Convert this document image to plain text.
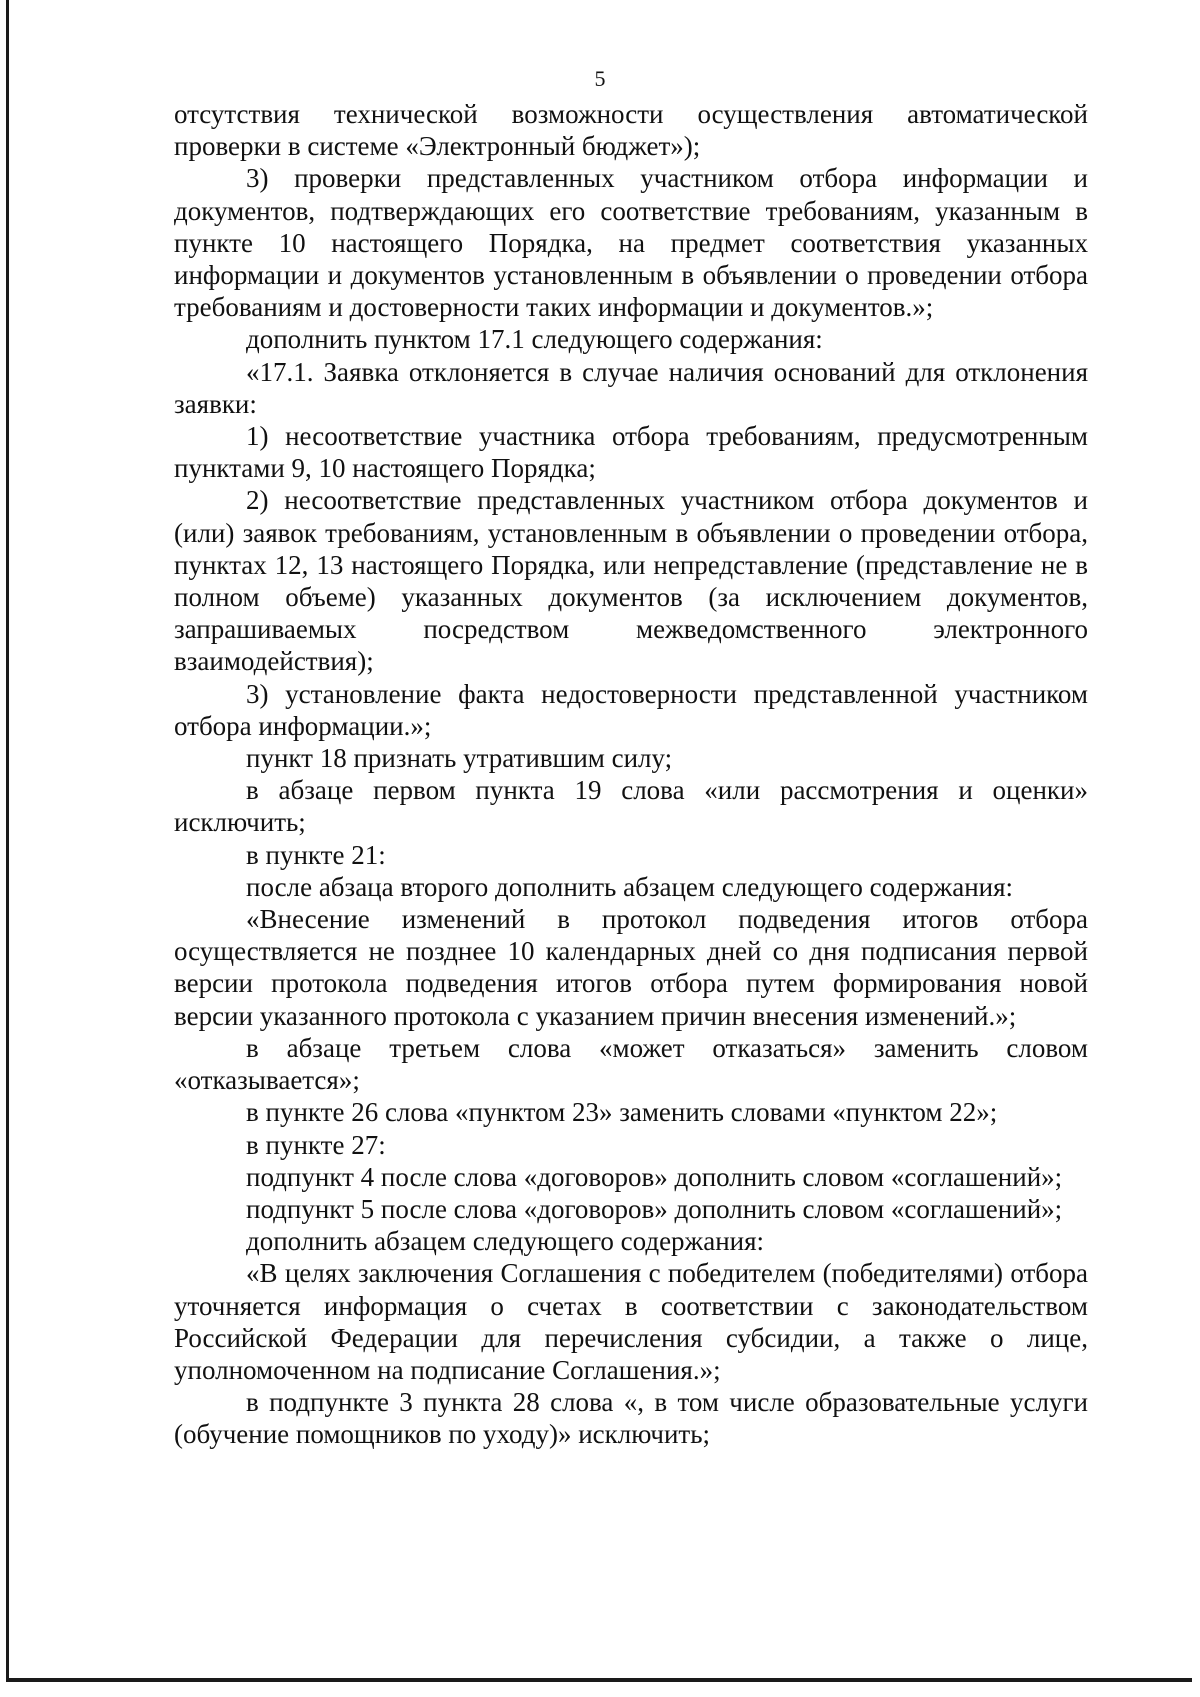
5

отсутствия технической возможности осуществления автоматической проверки в системе «Электронный бюджет»);

3) проверки представленных участником отбора информации и документов, подтверждающих его соответствие требованиям, указанным в пункте 10 настоящего Порядка, на предмет соответствия указанных информации и документов установленным в объявлении о проведении отбора требованиям и достоверности таких информации и документов.»;

дополнить пунктом 17.1 следующего содержания:

«17.1. Заявка отклоняется в случае наличия оснований для отклонения заявки:

1) несоответствие участника отбора требованиям, предусмотренным пунктами 9, 10 настоящего Порядка;

2) несоответствие представленных участником отбора документов и (или) заявок требованиям, установленным в объявлении о проведении отбора, пунктах 12, 13 настоящего Порядка, или непредставление (представление не в полном объеме) указанных документов (за исключением документов, запрашиваемых посредством межведомственного электронного взаимодействия);

3) установление факта недостоверности представленной участником отбора информации.»;

пункт 18 признать утратившим силу;

в абзаце первом пункта 19 слова «или рассмотрения и оценки» исключить;

в пункте 21:

после абзаца второго дополнить абзацем следующего содержания:

«Внесение изменений в протокол подведения итогов отбора осуществляется не позднее 10 календарных дней со дня подписания первой версии протокола подведения итогов отбора путем формирования новой версии указанного протокола с указанием причин внесения изменений.»;

в абзаце третьем слова «может отказаться» заменить словом «отказывается»;

в пункте 26 слова «пунктом 23» заменить словами «пунктом 22»;

в пункте 27:

подпункт 4 после слова «договоров» дополнить словом «соглашений»;

подпункт 5 после слова «договоров» дополнить словом «соглашений»;

дополнить абзацем следующего содержания:

«В целях заключения Соглашения с победителем (победителями) отбора уточняется информация о счетах в соответствии с законодательством Российской Федерации для перечисления субсидии, а также о лице, уполномоченном на подписание Соглашения.»;

в подпункте 3 пункта 28 слова «, в том числе образовательные услуги (обучение помощников по уходу)» исключить;
